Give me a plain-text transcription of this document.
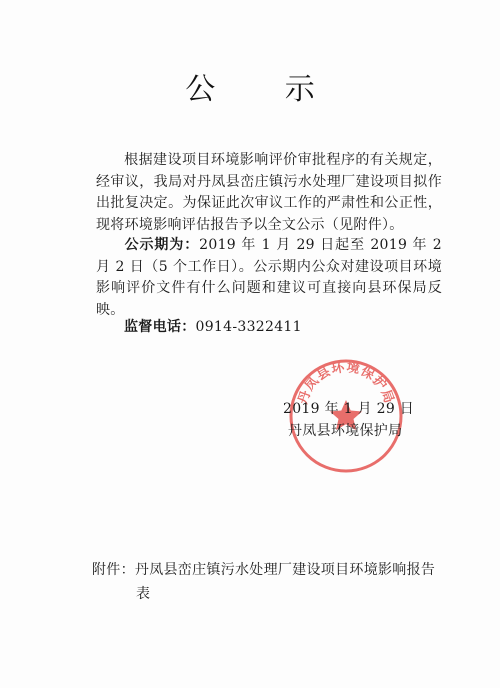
公 示
根据建设项目环境影响评价审批程序的有关规定，经审议，我局对丹凤县峦庄镇污水处理厂建设项目拟作出批复决定。为保证此次审议工作的严肃性和公正性，现将环境影响评估报告予以全文公示（见附件）。
公示期为：2019 年 1 月 29 日起至 2019 年 2 月 2 日（5 个工作日）。公示期内公众对建设项目环境影响评价文件有什么问题和建议可直接向县环保局反映。
监督电话：0914-3322411
丹凤县环境保护局
2019 年 1 月 29 日
丹凤县环境保护局
附件：丹凤县峦庄镇污水处理厂建设项目环境影响报告
表
